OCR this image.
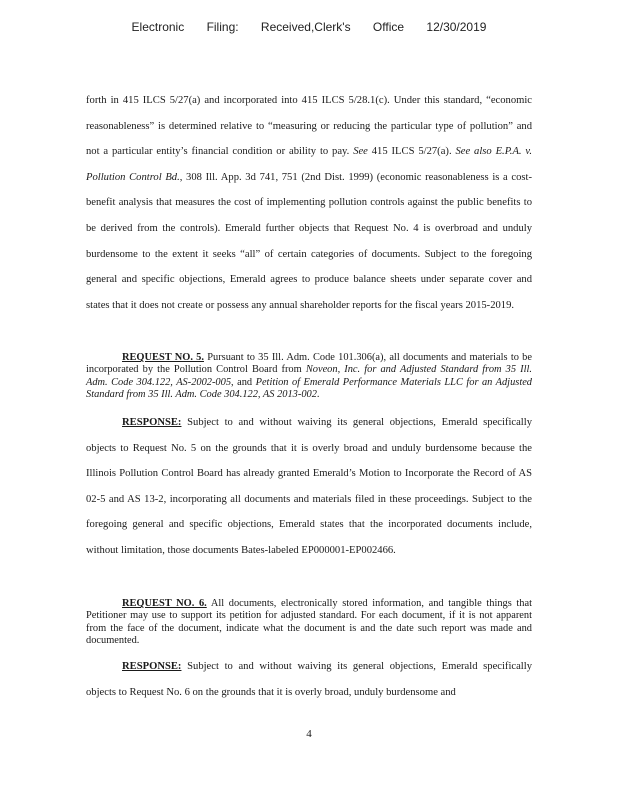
Electronic Filing: Received,Clerk's Office 12/30/2019

forth in 415 ILCS 5/27(a) and incorporated into 415 ILCS 5/28.1(c). Under this standard, “economic reasonableness” is determined relative to “measuring or reducing the particular type of pollution” and not a particular entity’s financial condition or ability to pay. See 415 ILCS 5/27(a). See also E.P.A. v. Pollution Control Bd., 308 Ill. App. 3d 741, 751 (2nd Dist. 1999) (economic reasonableness is a cost-benefit analysis that measures the cost of implementing pollution controls against the public benefits to be derived from the controls). Emerald further objects that Request No. 4 is overbroad and unduly burdensome to the extent it seeks “all” of certain categories of documents. Subject to the foregoing general and specific objections, Emerald agrees to produce balance sheets under separate cover and states that it does not create or possess any annual shareholder reports for the fiscal years 2015-2019.

REQUEST NO. 5. Pursuant to 35 Ill. Adm. Code 101.306(a), all documents and materials to be incorporated by the Pollution Control Board from Noveon, Inc. for and Adjusted Standard from 35 Ill. Adm. Code 304.122, AS-2002-005, and Petition of Emerald Performance Materials LLC for an Adjusted Standard from 35 Ill. Adm. Code 304.122, AS 2013-002.

RESPONSE: Subject to and without waiving its general objections, Emerald specifically objects to Request No. 5 on the grounds that it is overly broad and unduly burdensome because the Illinois Pollution Control Board has already granted Emerald’s Motion to Incorporate the Record of AS 02-5 and AS 13-2, incorporating all documents and materials filed in these proceedings. Subject to the foregoing general and specific objections, Emerald states that the incorporated documents include, without limitation, those documents Bates-labeled EP000001-EP002466.

REQUEST NO. 6. All documents, electronically stored information, and tangible things that Petitioner may use to support its petition for adjusted standard. For each document, if it is not apparent from the face of the document, indicate what the document is and the date such report was made and documented.

RESPONSE: Subject to and without waiving its general objections, Emerald specifically objects to Request No. 6 on the grounds that it is overly broad, unduly burdensome and

4
